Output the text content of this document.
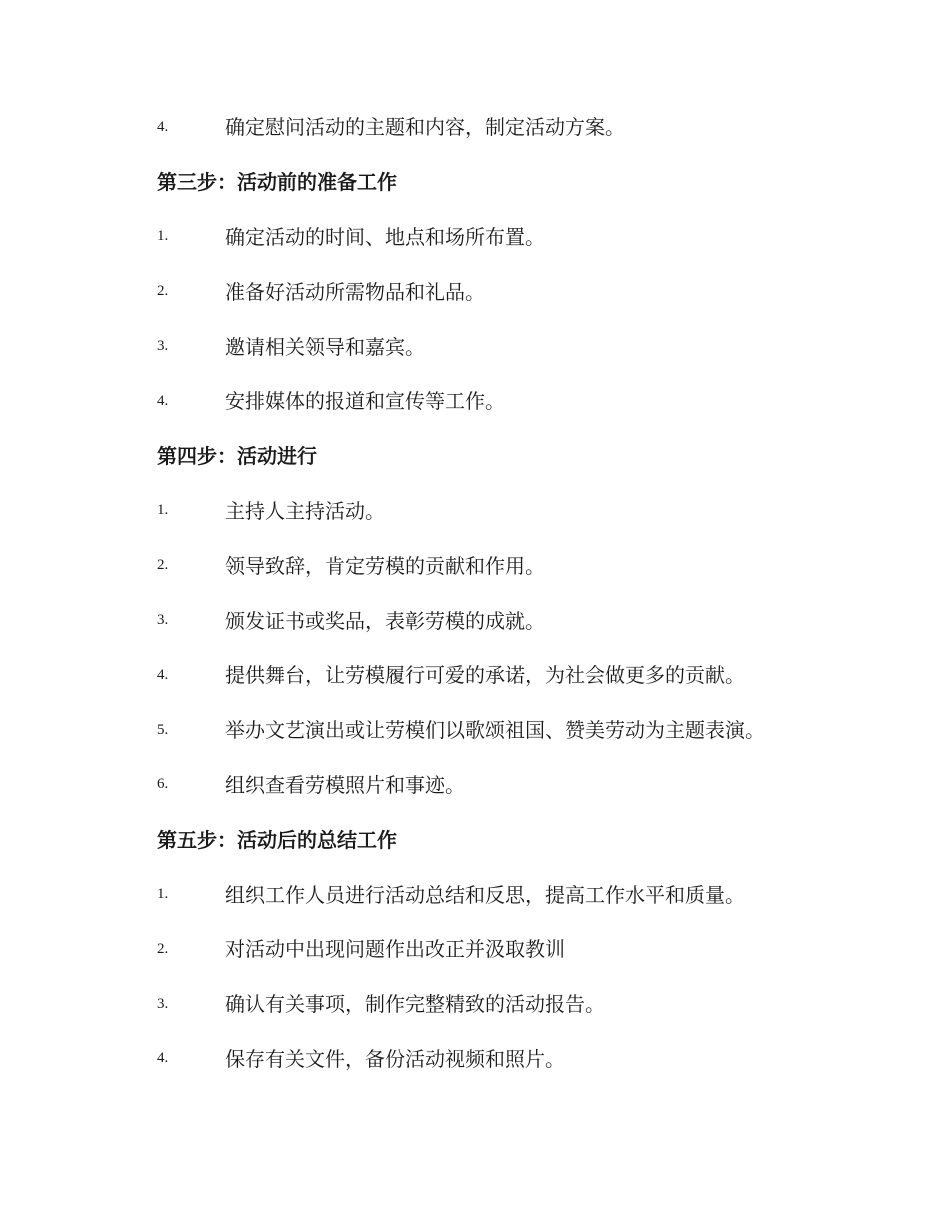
4.	确定慰问活动的主题和内容，制定活动方案。
第三步：活动前的准备工作
1.	确定活动的时间、地点和场所布置。
2.	准备好活动所需物品和礼品。
3.	邀请相关领导和嘉宾。
4.	安排媒体的报道和宣传等工作。
第四步：活动进行
1.	主持人主持活动。
2.	领导致辞，肯定劳模的贡献和作用。
3.	颁发证书或奖品，表彰劳模的成就。
4.	提供舞台，让劳模履行可爱的承诺，为社会做更多的贡献。
5.	举办文艺演出或让劳模们以歌颂祖国、赞美劳动为主题表演。
6.	组织查看劳模照片和事迹。
第五步：活动后的总结工作
1.	组织工作人员进行活动总结和反思，提高工作水平和质量。
2.	对活动中出现问题作出改正并汲取教训
3.	确认有关事项，制作完整精致的活动报告。
4.	保存有关文件，备份活动视频和照片。
